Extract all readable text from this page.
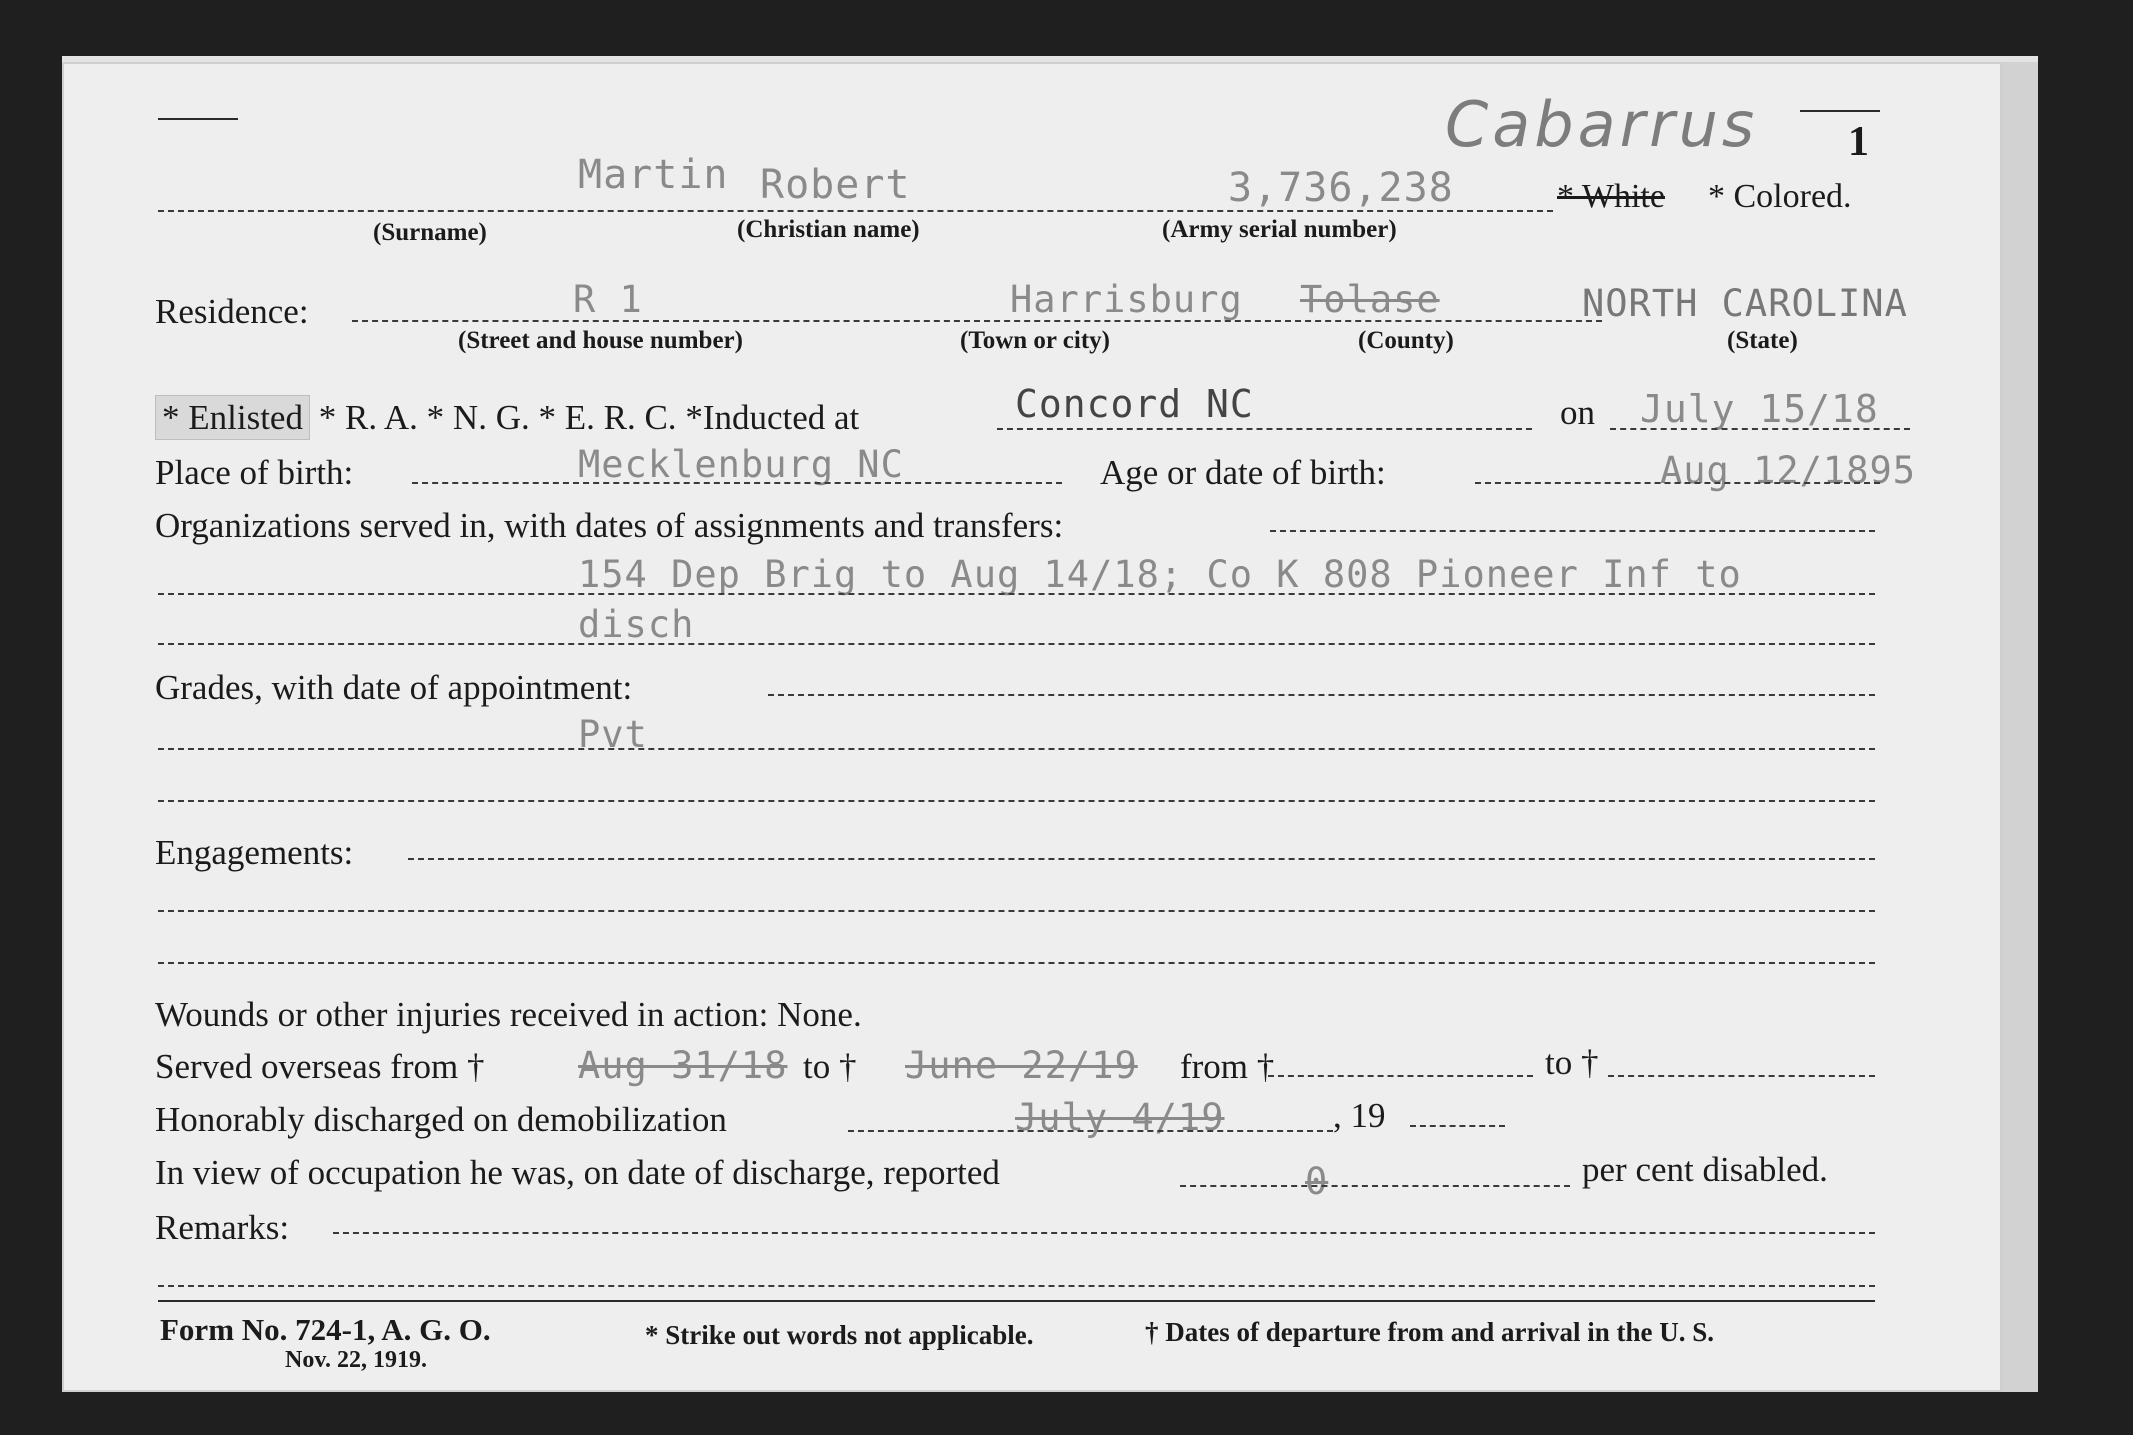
Cabarrus 1
Martin Robert	3,736,238	* White * Colored.
(Surname)	(Christian name)	(Army serial number)
Residence:	R 1	Harrisburg Tolase	NORTH CAROLINA
(Street and house number)	(Town or city)	(County)	(State)
* Enlisted * R. A. * N. G. * E. R. C. *Inducted at	Concord NC	on July 15/18
Place of birth:	Mecklenburg NC	Age or date of birth:	Aug 12/1895
Organizations served in, with dates of assignments and transfers:
154 Dep Brig to Aug 14/18; Co K 808 Pioneer Inf to
disch
Grades, with date of appointment:
Pvt
Engagements:
Wounds or other injuries received in action: None.
Served overseas from †	Aug 31/18 to † June 22/19 from †	to †
Honorably discharged on demobilization	July 4/19	, 19
In view of occupation he was, on date of discharge, reported	0	per cent disabled.
Remarks:
Form No. 724-1, A. G. O.
Nov. 22, 1919.
* Strike out words not applicable.	† Dates of departure from and arrival in the U. S.
